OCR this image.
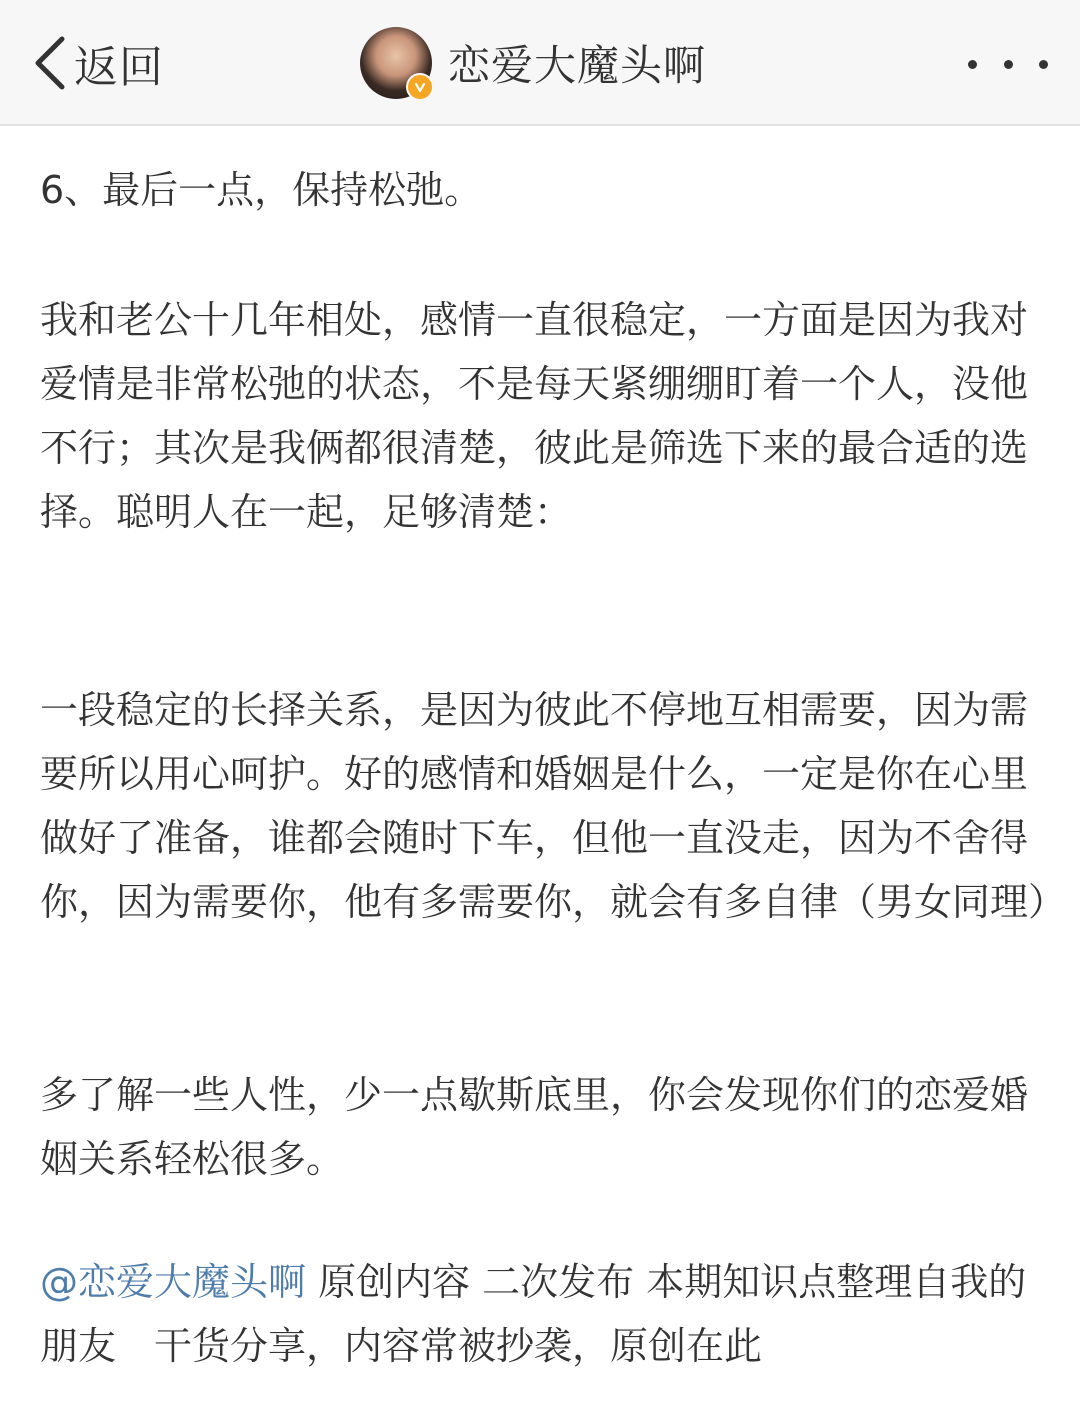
返回	恋爱大魔头啊

6、最后一点，保持松弛。

我和老公十几年相处，感情一直很稳定，一方面是因为我对爱情是非常松弛的状态，不是每天紧绷绷盯着一个人，没他不行；其次是我俩都很清楚，彼此是筛选下来的最合适的选择。聪明人在一起，足够清楚：

一段稳定的长择关系，是因为彼此不停地互相需要，因为需要所以用心呵护。好的感情和婚姻是什么，一定是你在心里做好了准备，谁都会随时下车，但他一直没走，因为不舍得你，因为需要你，他有多需要你，就会有多自律（男女同理）

多了解一些人性，少一点歇斯底里，你会发现你们的恋爱婚姻关系轻松很多。

@恋爱大魔头啊 原创内容 二次发布 本期知识点整理自我的朋友　干货分享，内容常被抄袭，原创在此
